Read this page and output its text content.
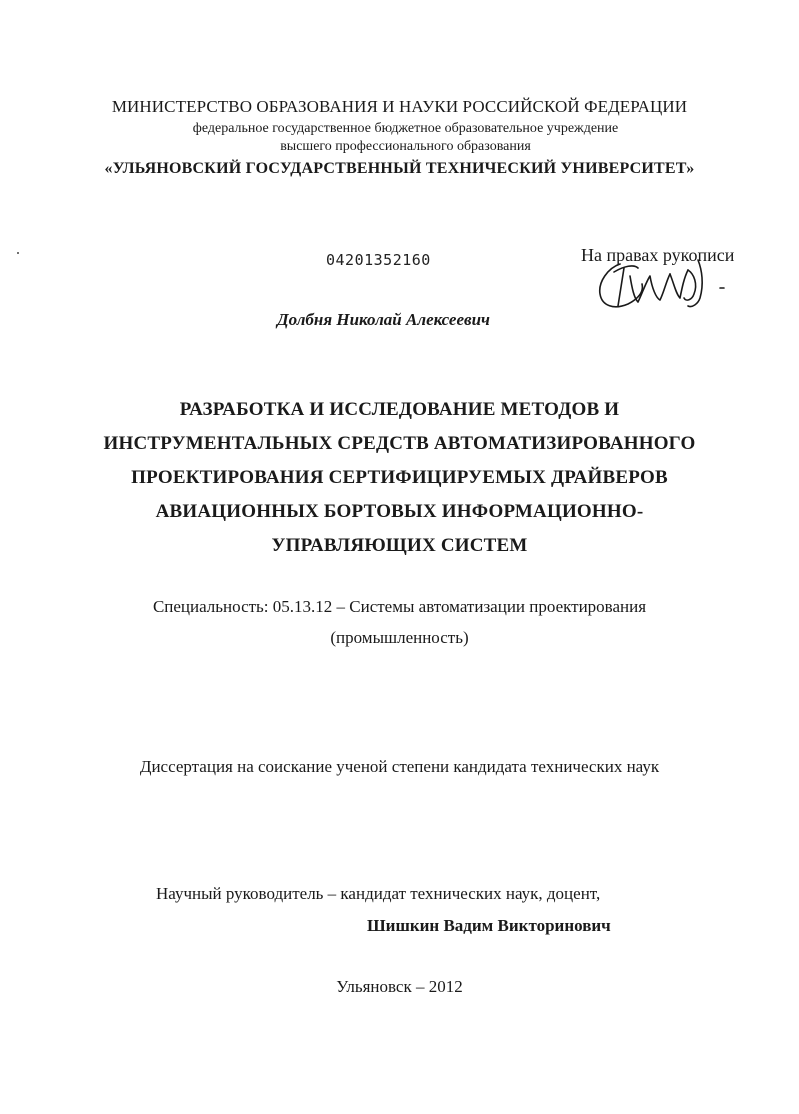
МИНИСТЕРСТВО ОБРАЗОВАНИЯ И НАУКИ РОССИЙСКОЙ ФЕДЕРАЦИИ
федеральное государственное бюджетное образовательное учреждение
высшего профессионального образования
«УЛЬЯНОВСКИЙ ГОСУДАРСТВЕННЫЙ ТЕХНИЧЕСКИЙ УНИВЕРСИТЕТ»
04201352160	На правах рукописи
Долбня Николай Алексеевич
РАЗРАБОТКА И ИССЛЕДОВАНИЕ МЕТОДОВ И
ИНСТРУМЕНТАЛЬНЫХ СРЕДСТВ АВТОМАТИЗИРОВАННОГО
ПРОЕКТИРОВАНИЯ СЕРТИФИЦИРУЕМЫХ ДРАЙВЕРОВ
АВИАЦИОННЫХ БОРТОВЫХ ИНФОРМАЦИОННО-
УПРАВЛЯЮЩИХ СИСТЕМ
Специальность: 05.13.12 – Системы автоматизации проектирования
(промышленность)
Диссертация на соискание ученой степени кандидата технических наук
Научный руководитель – кандидат технических наук, доцент,
Шишкин Вадим Викторинович
Ульяновск – 2012
